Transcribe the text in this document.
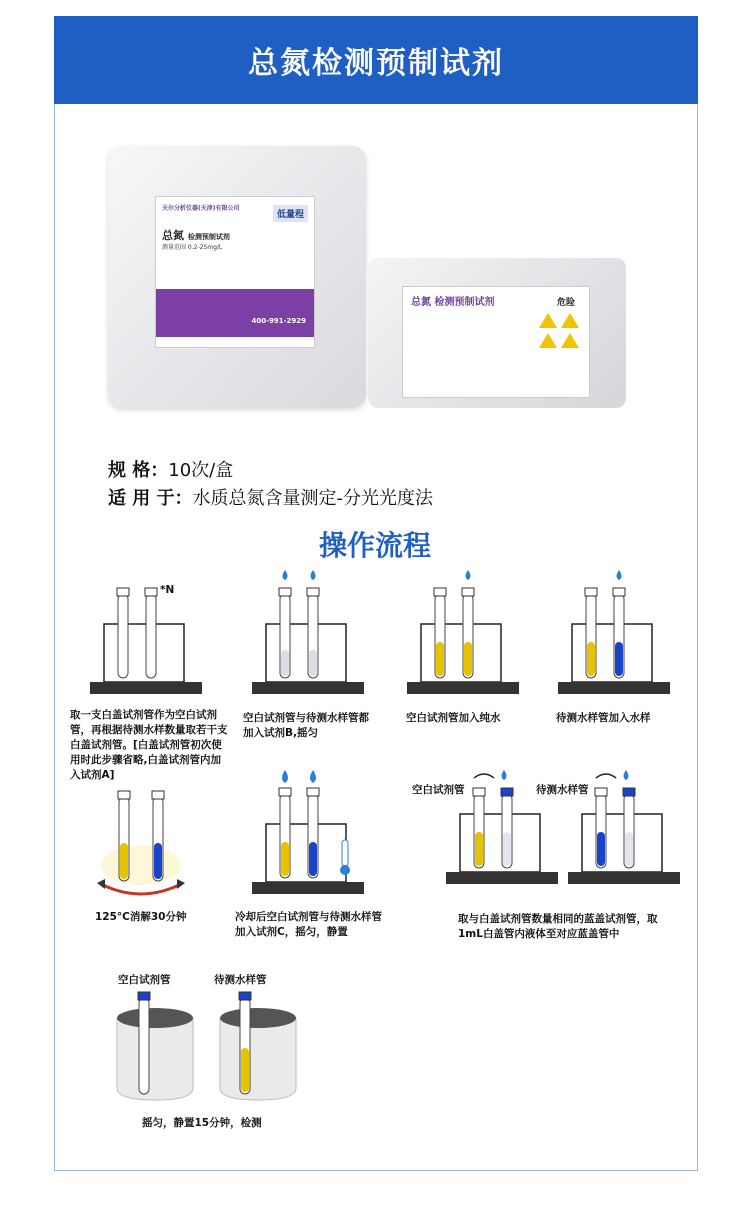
总氮检测预制试剂
天尔分析仪器(天津)有限公司
低量程
总氮 检测预制试剂
测量范围 0.2-25mg/L
400-991-2929
总氮 检测预制试剂	危险
规 格：10次/盒
适 用 于：水质总氮含量测定-分光光度法
操作流程
*N
取一支白盖试剂管作为空白试剂管，再根据待测水样数量取若干支白盖试剂管。[白盖试剂管初次使用时此步骤省略,白盖试剂管内加入试剂A]
空白试剂管与待测水样管都加入试剂B,摇匀
空白试剂管加入纯水	待测水样管加入水样
125°C消解30分钟	冷却后空白试剂管与待测水样管加入试剂C，摇匀，静置
空白试剂管	待测水样管
取与白盖试剂管数量相同的蓝盖试剂管，取1mL白盖管内液体至对应蓝盖管中
空白试剂管	待测水样管
摇匀，静置15分钟，检测
